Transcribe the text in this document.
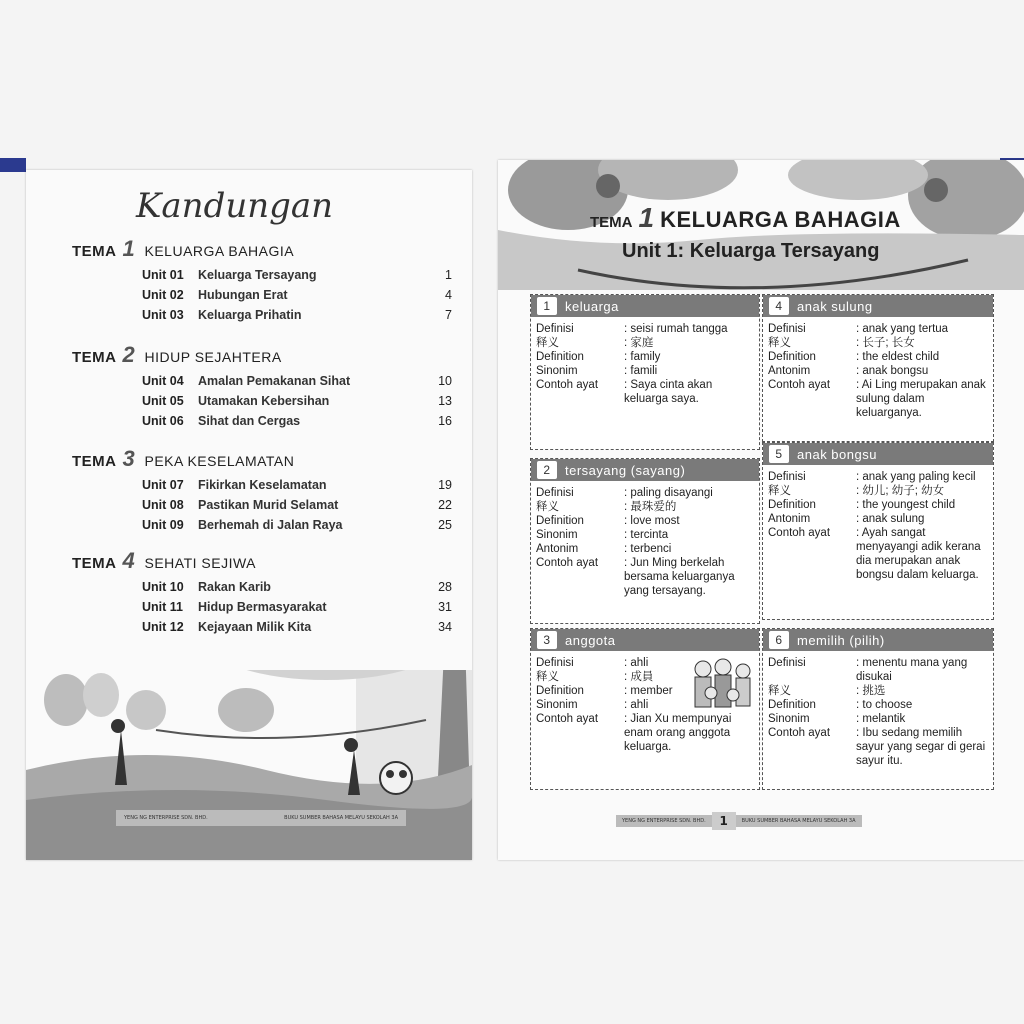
Kandungan
TEMA 1 KELUARGA BAHAGIA
Unit 01	Keluarga Tersayang	1
Unit 02	Hubungan Erat	4
Unit 03	Keluarga Prihatin	7
TEMA 2 HIDUP SEJAHTERA
Unit 04	Amalan Pemakanan Sihat	10
Unit 05	Utamakan Kebersihan	13
Unit 06	Sihat dan Cergas	16
TEMA 3 PEKA KESELAMATAN
Unit 07	Fikirkan Keselamatan	19
Unit 08	Pastikan Murid Selamat	22
Unit 09	Berhemah di Jalan Raya	25
TEMA 4 SEHATI SEJIWA
Unit 10	Rakan Karib	28
Unit 11	Hidup Bermasyarakat	31
Unit 12	Kejayaan Milik Kita	34
YENG NG ENTERPRISE SDN. BHD.	BUKU SUMBER BAHASA MELAYU SEKOLAH 3A
TEMA 1 KELUARGA BAHAGIA
Unit 1: Keluarga Tersayang
1	keluarga
Definisi	: seisi rumah tangga
释义	: 家庭
Definition	: family
Sinonim	: famili
Contoh ayat	: Saya cinta akan keluarga saya.
2	tersayang (sayang)
Definisi	: paling disayangi
释义	: 最珠爱的
Definition	: love most
Sinonim	: tercinta
Antonim	: terbenci
Contoh ayat	: Jun Ming berkelah bersama keluarganya yang tersayang.
3	anggota
Definisi	: ahli
释义	: 成員
Definition	: member
Sinonim	: ahli
Contoh ayat	: Jian Xu mempunyai enam orang anggota keluarga.
4	anak sulung
Definisi	: anak yang tertua
释义	: 长子; 长女
Definition	: the eldest child
Antonim	: anak bongsu
Contoh ayat	: Ai Ling merupakan anak sulung dalam keluarganya.
5	anak bongsu
Definisi	: anak yang paling kecil
释义	: 幼儿; 幼子; 幼女
Definition	: the youngest child
Antonim	: anak sulung
Contoh ayat	: Ayah sangat menyayangi adik kerana dia merupakan anak bongsu dalam keluarga.
6	memilih (pilih)
Definisi	: menentu mana yang disukai
释义	: 挑选
Definition	: to choose
Sinonim	: melantik
Contoh ayat	: Ibu sedang memilih sayur yang segar di gerai sayur itu.
YENG NG ENTERPRISE SDN. BHD.	1	BUKU SUMBER BAHASA MELAYU SEKOLAH 3A
